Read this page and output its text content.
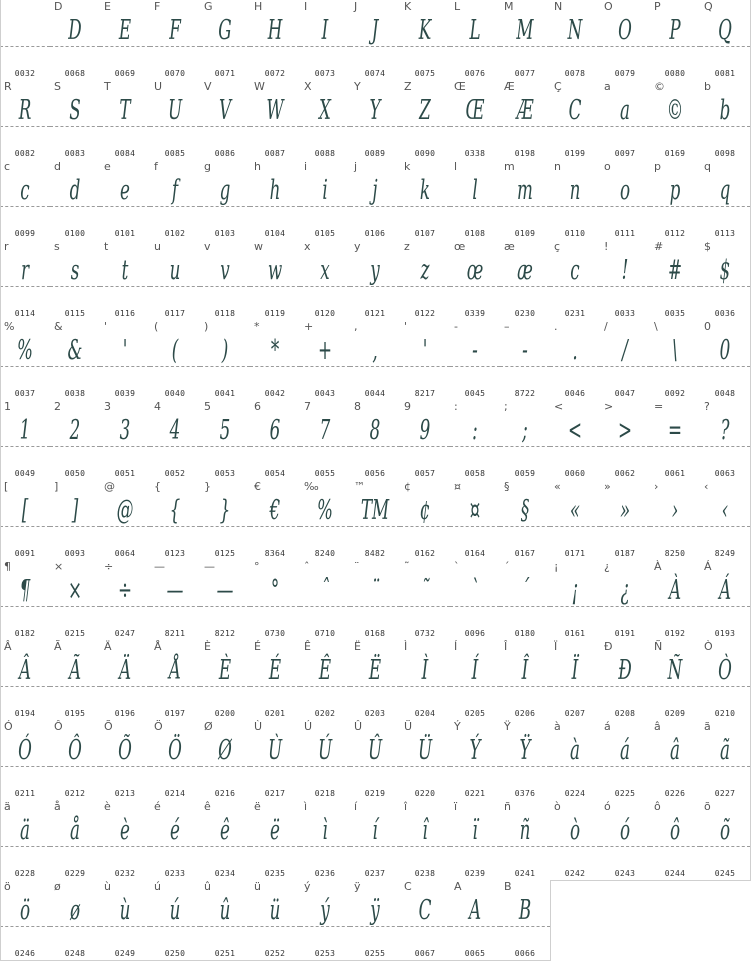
0032
D
D
0068
E
E
0069
F
F
0070
G
G
0071
H
H
0072
I
I
0073
J
J
0074
K
K
0075
L
L
0076
M
M
0077
N
N
0078
O
O
0079
P
P
0080
Q
Q
0081
R
R
0082
S
S
0083
T
T
0084
U
U
0085
V
V
0086
W
W
0087
X
X
0088
Y
Y
0089
Z
Z
0090
Œ
Œ
0338
Æ
Æ
0198
Ç
C
0199
a
a
0097
©
©
0169
b
b
0098
c
c
0099
d
d
0100
e
e
0101
f
f
0102
g
g
0103
h
h
0104
i
i
0105
j
j
0106
k
k
0107
l
l
0108
m
m
0109
n
n
0110
o
o
0111
p
p
0112
q
q
0113
r
r
0114
s
s
0115
t
t
0116
u
u
0117
v
v
0118
w
w
0119
x
x
0120
y
y
0121
z
z
0122
œ
œ
0339
æ
æ
0230
ç
c
0231
!
!
0033
#
#
0035
$
$
0036
%
%
0037
&
&
0038
'
'
0039
(
(
0040
)
)
0041
*
*
0042
+
+
0043
,
,
0044
'
'
8217
-
-
0045
–
-
8722
.
.
0046
/
/
0047
\
\
0092
0
0
0048
1
1
0049
2
2
0050
3
3
0051
4
4
0052
5
5
0053
6
6
0054
7
7
0055
8
8
0056
9
9
0057
:
:
0058
;
;
0059
<
<
0060
>
>
0062
=
=
0061
?
?
0063
[
[
0091
]
]
0093
@
@
0064
{
{
0123
}
}
0125
€
€
8364
‰
%
8240
™
TM
8482
¢
¢
0162
¤
¤
0164
§
§
0167
«
«
0171
»
»
0187
›
›
8250
‹
‹
8249
¶
¶
0182
×
×
0215
÷
÷
0247
—
—
8211
—
—
8212
°
°
0730
ˆ
ˆ
0710
¨
¨
0168
˜
˜
0732
`
`
0096
´
´
0180
¡
¡
0161
¿
¿
0191
À
À
0192
Á
Á
0193
Â
Â
0194
Ã
Ã
0195
Ä
Ä
0196
Å
Å
0197
È
È
0200
É
É
0201
Ê
Ê
0202
Ë
Ë
0203
Ì
Ì
0204
Í
Í
0205
Î
Î
0206
Ï
Ï
0207
Đ
Đ
0208
Ñ
Ñ
0209
Ò
Ò
0210
Ó
Ó
0211
Ô
Ô
0212
Õ
Õ
0213
Ö
Ö
0214
Ø
Ø
0216
Ù
Ù
0217
Ú
Ú
0218
Û
Û
0219
Ü
Ü
0220
Ý
Ý
0221
Ÿ
Ÿ
0376
à
à
0224
á
á
0225
â
â
0226
ã
ã
0227
ä
ä
0228
å
å
0229
è
è
0232
é
é
0233
ê
ê
0234
ë
ë
0235
ì
ì
0236
í
í
0237
î
î
0238
ï
ï
0239
ñ
ñ
0241
ò
ò
0242
ó
ó
0243
ô
ô
0244
õ
õ
0245
ö
ö
0246
ø
ø
0248
ù
ù
0249
ú
ú
0250
û
û
0251
ü
ü
0252
ý
ý
0253
ÿ
ÿ
0255
C
C
0067
A
A
0065
B
B
0066
